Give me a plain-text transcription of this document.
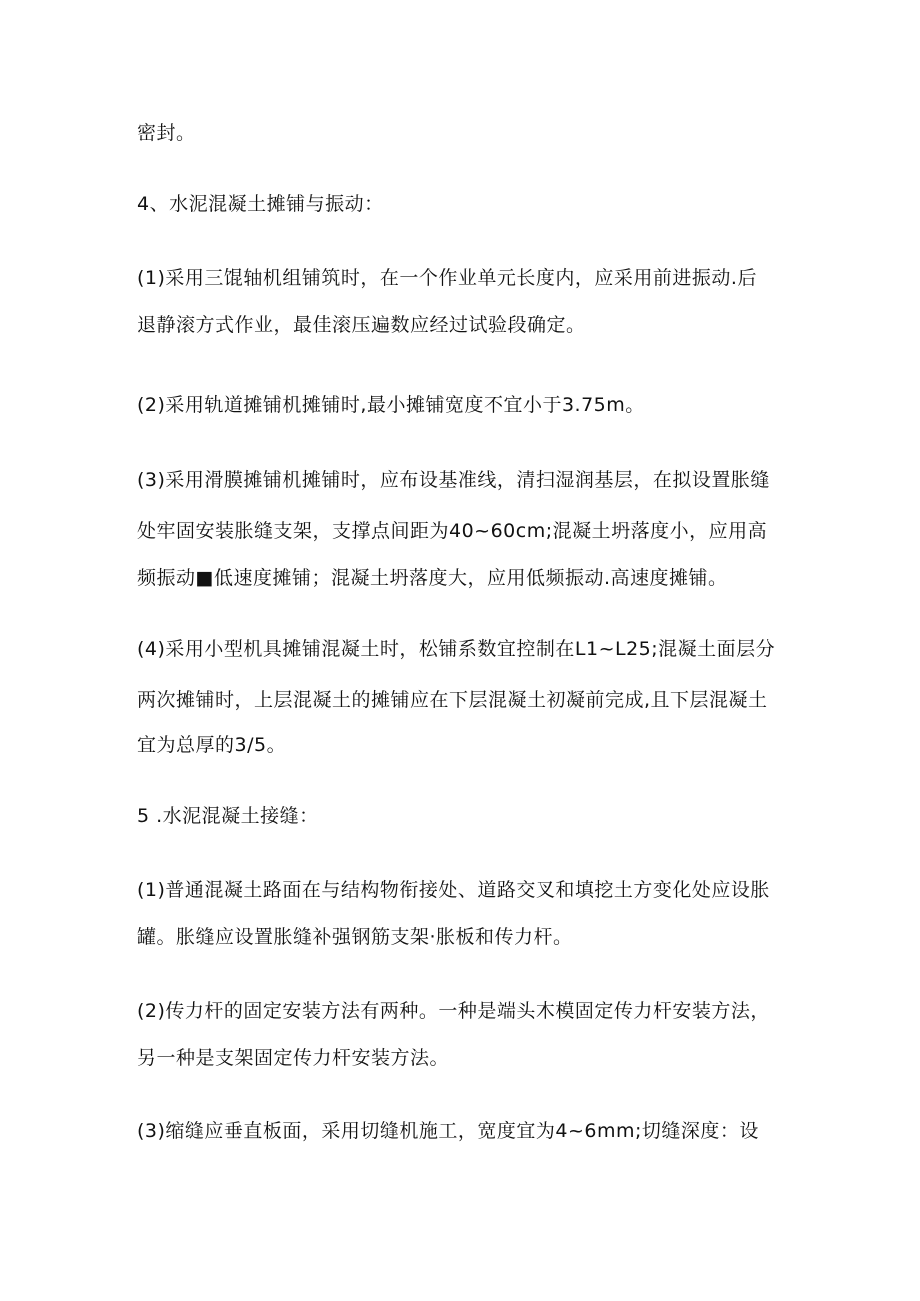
密封。
4、水泥混凝土摊铺与振动：
(1)采用三馄轴机组铺筑时，在一个作业单元长度内，应采用前进振动.后
退静滚方式作业，最佳滚压遍数应经过试验段确定。
(2)采用轨道摊铺机摊铺时,最小摊铺宽度不宜小于3.75m。
(3)采用滑膜摊铺机摊铺时，应布设基准线，清扫湿润基层，在拟设置胀缝
处牢固安装胀缝支架，支撑点间距为40~60cm;混凝土坍落度小，应用高
频振动■低速度摊铺；混凝土坍落度大，应用低频振动.高速度摊铺。
(4)采用小型机具摊铺混凝土时，松铺系数宜控制在L1~L25;混凝土面层分
两次摊铺时，上层混凝土的摊铺应在下层混凝土初凝前完成,且下层混凝土
宜为总厚的3/5。
5 .水泥混凝土接缝：
(1)普通混凝土路面在与结构物衔接处、道路交叉和填挖土方变化处应设胀
罐。胀缝应设置胀缝补强钢筋支架·胀板和传力杆。
(2)传力杆的固定安装方法有两种。一种是端头木模固定传力杆安装方法，
另一种是支架固定传力杆安装方法。
(3)缩缝应垂直板面，采用切缝机施工，宽度宜为4~6mm;切缝深度：设
